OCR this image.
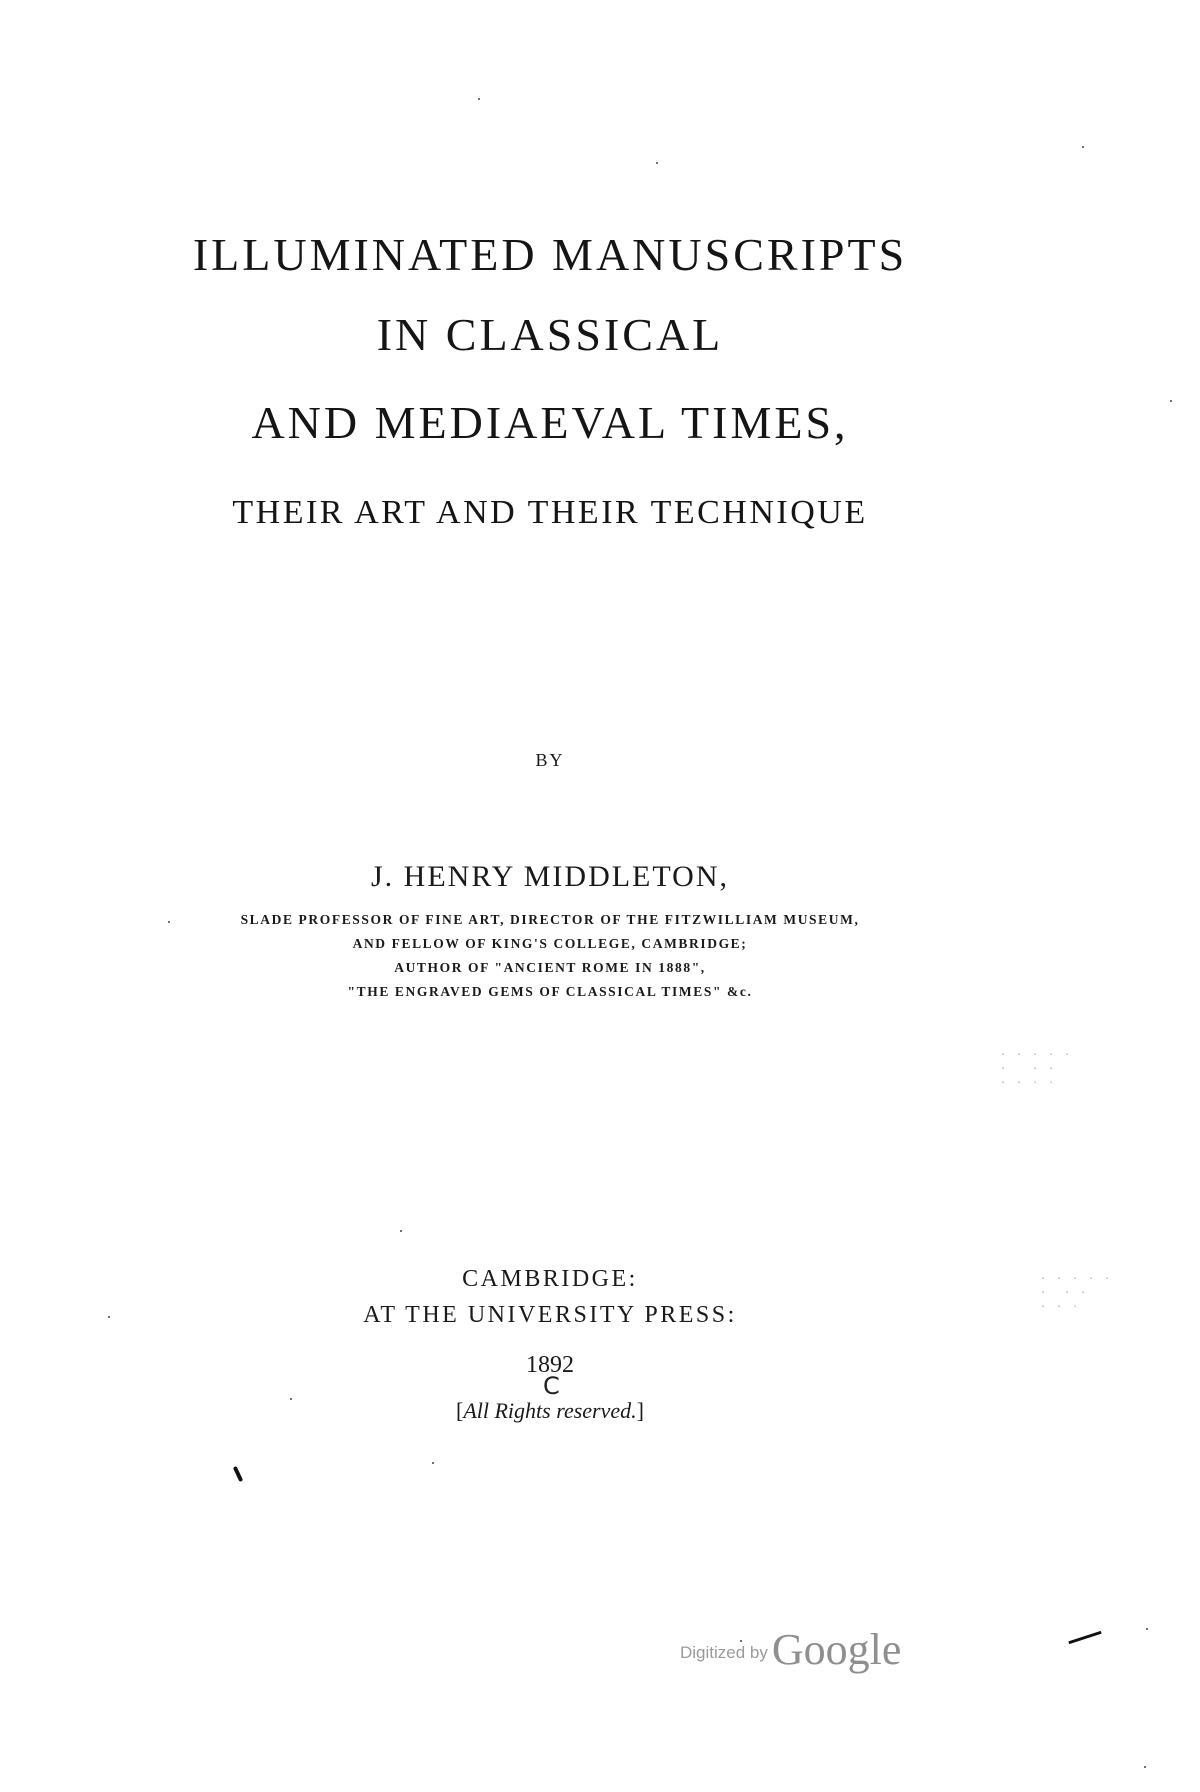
ILLUMINATED MANUSCRIPTS
IN CLASSICAL
AND MEDIAEVAL TIMES,
THEIR ART AND THEIR TECHNIQUE
BY
J. HENRY MIDDLETON,
SLADE PROFESSOR OF FINE ART, DIRECTOR OF THE FITZWILLIAM MUSEUM,
AND FELLOW OF KING'S COLLEGE, CAMBRIDGE;
AUTHOR OF "ANCIENT ROME IN 1888",
"THE ENGRAVED GEMS OF CLASSICAL TIMES" &c.
CAMBRIDGE:
AT THE UNIVERSITY PRESS:
1892
C
[All Rights reserved.]
. . . . .
.   . .
. . . .
. . . . .
.  . .
. . .
Digitized by Google
